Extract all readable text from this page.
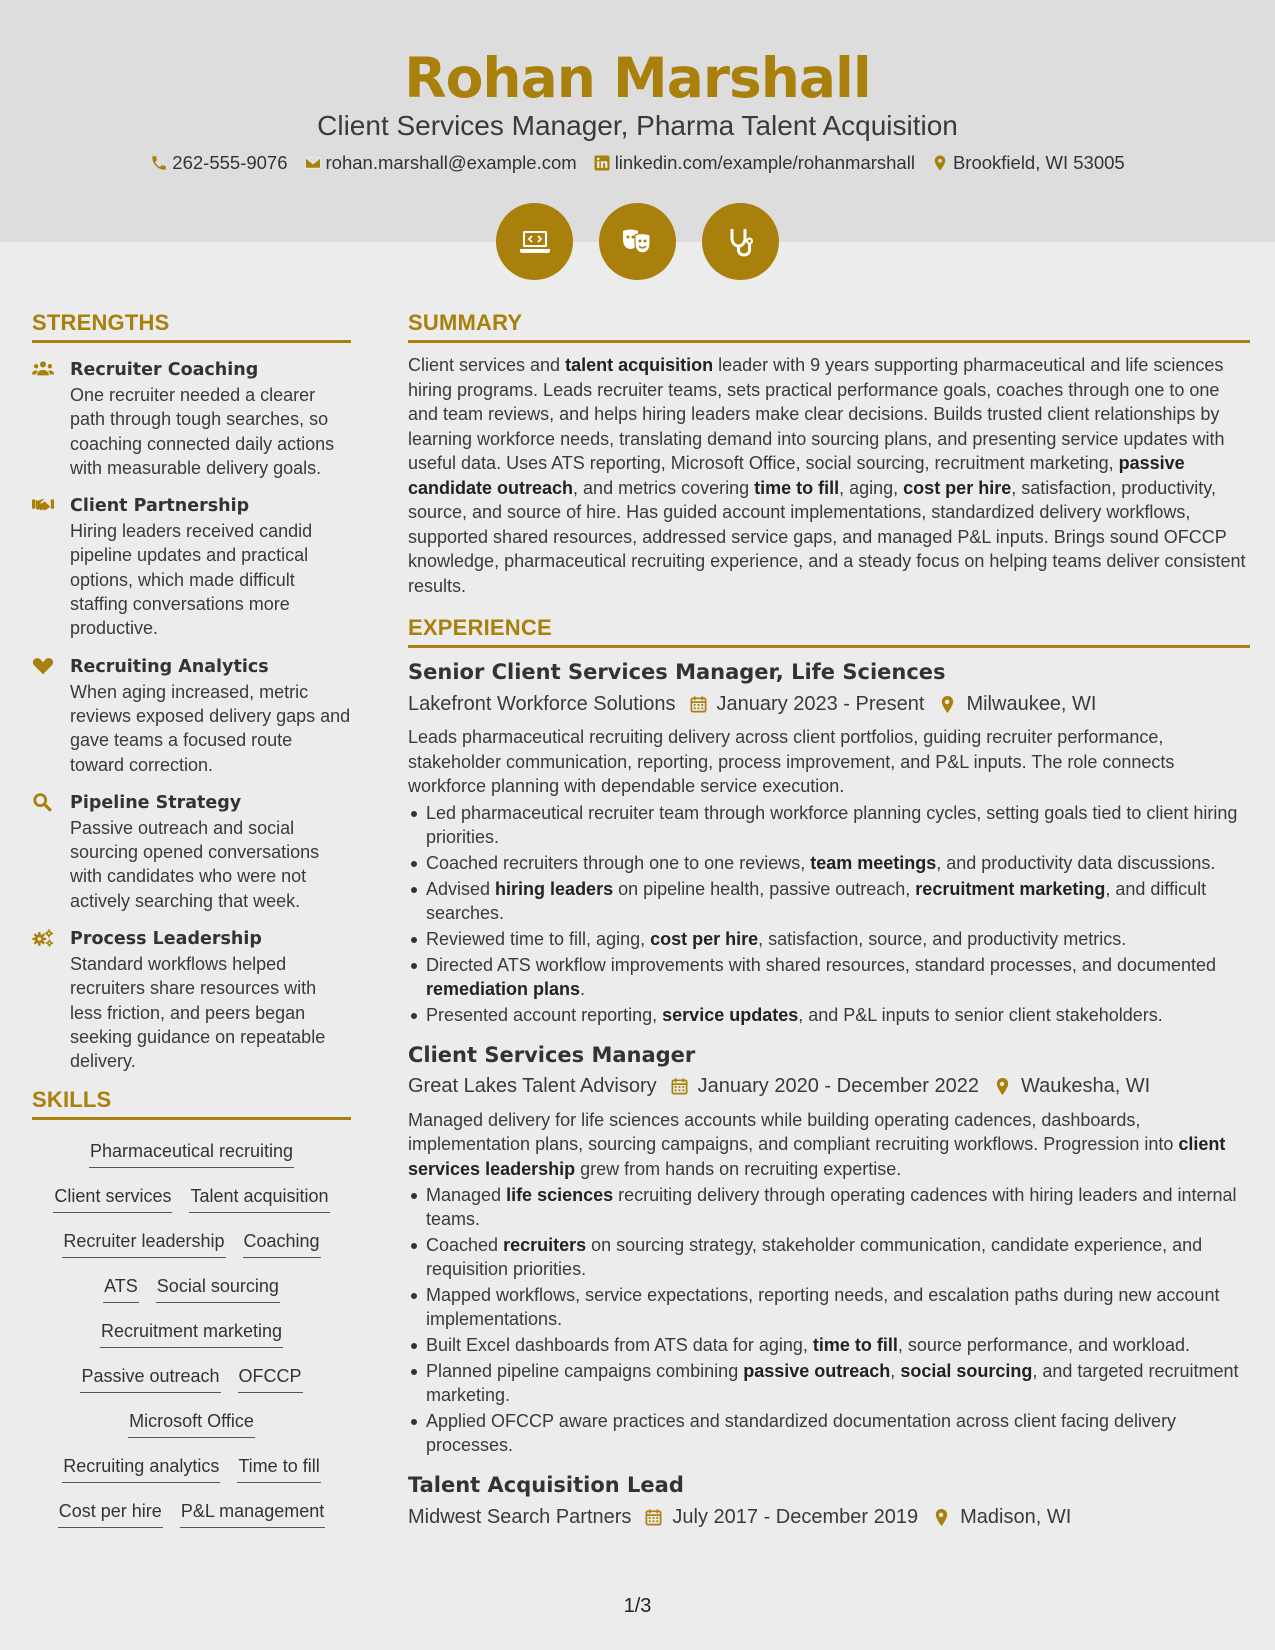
Rohan Marshall
Client Services Manager, Pharma Talent Acquisition
262-555-9076 rohan.marshall@example.com linkedin.com/example/rohanmarshall Brookfield, WI 53005
STRENGTHS
Recruiter Coaching
One recruiter needed a clearer path through tough searches, so coaching connected daily actions with measurable delivery goals.
Client Partnership
Hiring leaders received candid pipeline updates and practical options, which made difficult staffing conversations more productive.
Recruiting Analytics
When aging increased, metric reviews exposed delivery gaps and gave teams a focused route toward correction.
Pipeline Strategy
Passive outreach and social sourcing opened conversations with candidates who were not actively searching that week.
Process Leadership
Standard workflows helped recruiters share resources with less friction, and peers began seeking guidance on repeatable delivery.
SKILLS
Pharmaceutical recruiting
Client services Talent acquisition
Recruiter leadership Coaching
ATS Social sourcing
Recruitment marketing
Passive outreach OFCCP
Microsoft Office
Recruiting analytics Time to fill
Cost per hire P&L management
SUMMARY
Client services and talent acquisition leader with 9 years supporting pharmaceutical and life sciences hiring programs. Leads recruiter teams, sets practical performance goals, coaches through one to one and team reviews, and helps hiring leaders make clear decisions. Builds trusted client relationships by learning workforce needs, translating demand into sourcing plans, and presenting service updates with useful data. Uses ATS reporting, Microsoft Office, social sourcing, recruitment marketing, passive candidate outreach, and metrics covering time to fill, aging, cost per hire, satisfaction, productivity, source, and source of hire. Has guided account implementations, standardized delivery workflows, supported shared resources, addressed service gaps, and managed P&L inputs. Brings sound OFCCP knowledge, pharmaceutical recruiting experience, and a steady focus on helping teams deliver consistent results.
EXPERIENCE
Senior Client Services Manager, Life Sciences
Lakefront Workforce Solutions January 2023 - Present Milwaukee, WI
Leads pharmaceutical recruiting delivery across client portfolios, guiding recruiter performance, stakeholder communication, reporting, process improvement, and P&L inputs. The role connects workforce planning with dependable service execution.
Led pharmaceutical recruiter team through workforce planning cycles, setting goals tied to client hiring priorities.
Coached recruiters through one to one reviews, team meetings, and productivity data discussions.
Advised hiring leaders on pipeline health, passive outreach, recruitment marketing, and difficult searches.
Reviewed time to fill, aging, cost per hire, satisfaction, source, and productivity metrics.
Directed ATS workflow improvements with shared resources, standard processes, and documented remediation plans.
Presented account reporting, service updates, and P&L inputs to senior client stakeholders.
Client Services Manager
Great Lakes Talent Advisory January 2020 - December 2022 Waukesha, WI
Managed delivery for life sciences accounts while building operating cadences, dashboards, implementation plans, sourcing campaigns, and compliant recruiting workflows. Progression into client services leadership grew from hands on recruiting expertise.
Managed life sciences recruiting delivery through operating cadences with hiring leaders and internal teams.
Coached recruiters on sourcing strategy, stakeholder communication, candidate experience, and requisition priorities.
Mapped workflows, service expectations, reporting needs, and escalation paths during new account implementations.
Built Excel dashboards from ATS data for aging, time to fill, source performance, and workload.
Planned pipeline campaigns combining passive outreach, social sourcing, and targeted recruitment marketing.
Applied OFCCP aware practices and standardized documentation across client facing delivery processes.
Talent Acquisition Lead
Midwest Search Partners July 2017 - December 2019 Madison, WI
1/3
